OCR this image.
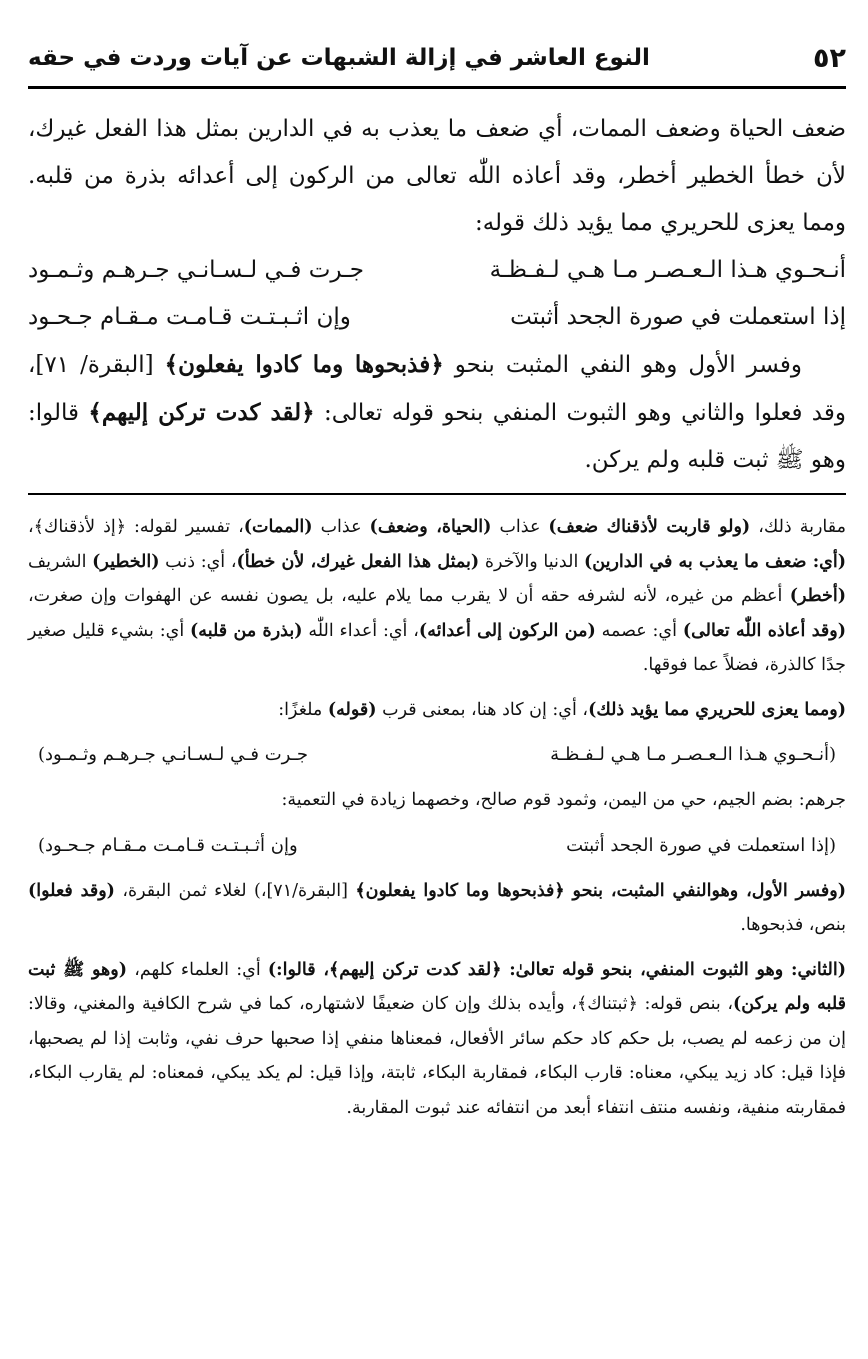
٥٢
النوع العاشر في إزالة الشبهات عن آيات وردت في حقه

ضعف الحياة وضعف الممات، أي ضعف ما يعذب به في الدارين بمثل هذا الفعل غيرك، لأن خطأ الخطير أخطر، وقد أعاذه اللّٰه تعالى من الركون إلى أعدائه بذرة من قلبه. ومما يعزى للحريري مما يؤيد ذلك قوله:

أنـحـوي هـذا الـعـصـر مـا هـي لـفـظـة
جـرت فـي لـسـانـي جـرهـم وثـمـود
إذا استعملت في صورة الجحد أثبتت
وإن اثـبـتـت قـامـت مـقـام جـحـود

وفسر الأول وهو النفي المثبت بنحو ﴿فذبحوها وما كادوا يفعلون﴾ [البقرة/ ٧١]، وقد فعلوا والثاني وهو الثبوت المنفي بنحو قوله تعالى: ﴿لقد كدت تركن إليهم﴾ قالوا: وهو ﷺ ثبت قلبه ولم يركن.

مقاربة ذلك، (ولو قاربت لأذقناك ضعف) عذاب (الحياة، وضعف) عذاب (الممات)، تفسير لقوله: ﴿إذ لأذقناك﴾، (أي: ضعف ما يعذب به في الدارين) الدنيا والآخرة (بمثل هذا الفعل غيرك، لأن خطأ)، أي: ذنب (الخطير) الشريف (أخطر) أعظم من غيره، لأنه لشرفه حقه أن لا يقرب مما يلام عليه، بل يصون نفسه عن الهفوات وإن صغرت، (وقد أعاذه اللّٰه تعالى) أي: عصمه (من الركون إلى أعدائه)، أي: أعداء اللّٰه (بذرة من قلبه) أي: بشيء قليل صغير جدًا كالذرة، فضلاً عما فوقها.

(ومما يعزى للحريري مما يؤيد ذلك)، أي: إن كاد هنا، بمعنى قرب (قوله) ملغزًا:

(أنـحـوي هـذا الـعـصـر مـا هـي لـفـظـة
جـرت فـي لـسـانـي جـرهـم وثـمـود)

جرهم: بضم الجيم، حي من اليمن، وثمود قوم صالح، وخصهما زيادة في التعمية:

(إذا استعملت في صورة الجحد أثبتت
وإن أثـبـتـت قـامـت مـقـام جـحـود)

(وفسر الأول، وهوالنفي المثبت، بنحو ﴿فذبحوها وما كادوا يفعلون﴾ [البقرة/٧١]،) لغلاء ثمن البقرة، (وقد فعلوا) بنص، فذبحوها.

(الثاني: وهو الثبوت المنفي، بنحو قوله تعالىٰ: ﴿لقد كدت تركن إليهم﴾، قالوا:) أي: العلماء كلهم، (وهو ﷺ ثبت قلبه ولم يركن)، بنص قوله: ﴿ثبتناك﴾، وأيده بذلك وإن كان ضعيفًا لاشتهاره، كما في شرح الكافية والمغني، وقالا: إن من زعمه لم يصب، بل حكم كاد حكم سائر الأفعال، فمعناها منفي إذا صحبها حرف نفي، وثابت إذا لم يصحبها، فإذا قيل: كاد زيد يبكي، معناه: قارب البكاء، فمقاربة البكاء، ثابتة، وإذا قيل: لم يكد يبكي، فمعناه: لم يقارب البكاء، فمقاربته منفية، ونفسه منتف انتفاء أبعد من انتفائه عند ثبوت المقاربة.
